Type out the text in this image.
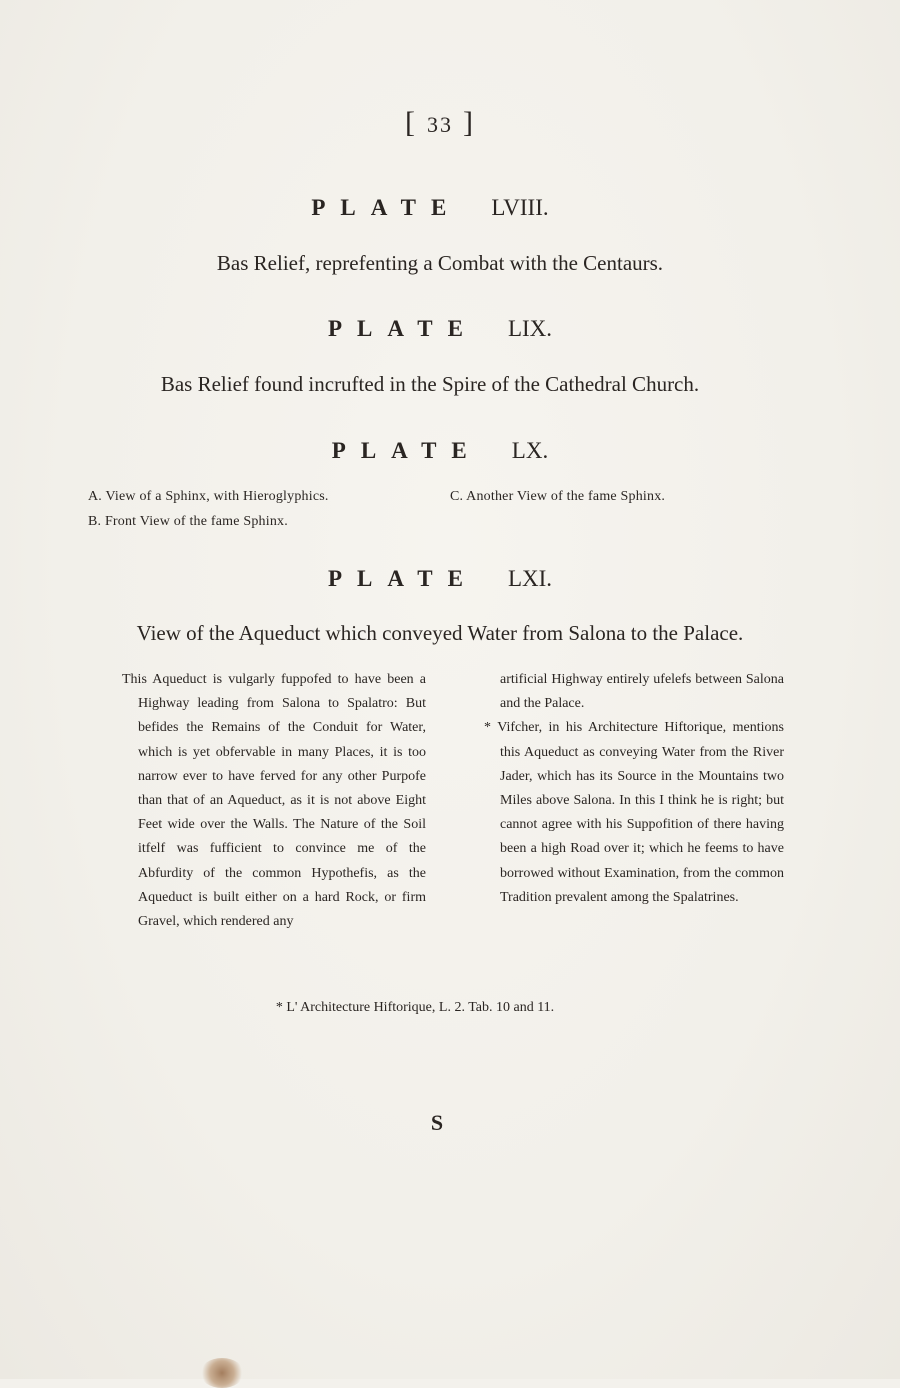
[ 33 ]
PLATE LVIII.
Bas Relief, reprefenting a Combat with the Centaurs.
PLATE LIX.
Bas Relief found incrufted in the Spire of the Cathedral Church.
PLATE LX.
A. View of a Sphinx, with Hieroglyphics.
B. Front View of the fame Sphinx.
C. Another View of the fame Sphinx.
PLATE LXI.
View of the Aqueduct which conveyed Water from Salona to the Palace.

This Aqueduct is vulgarly fuppofed to have been a Highway leading from Salona to Spalatro: But befides the Remains of the Conduit for Water, which is yet obfervable in many Places, it is too narrow ever to have ferved for any other Purpofe than that of an Aqueduct, as it is not above Eight Feet wide over the Walls. The Nature of the Soil itfelf was fufficient to convince me of the Abfurdity of the common Hypothefis, as the Aqueduct is built either on a hard Rock, or firm Gravel, which rendered any

artificial Highway entirely ufelefs between Salona and the Palace.

* Vifcher, in his Architecture Hiftorique, mentions this Aqueduct as conveying Water from the River Jader, which has its Source in the Mountains two Miles above Salona. In this I think he is right; but cannot agree with his Suppofition of there having been a high Road over it; which he feems to have borrowed without Examination, from the common Tradition prevalent among the Spalatrines.

* L' Architecture Hiftorique, L. 2. Tab. 10 and 11.
S
